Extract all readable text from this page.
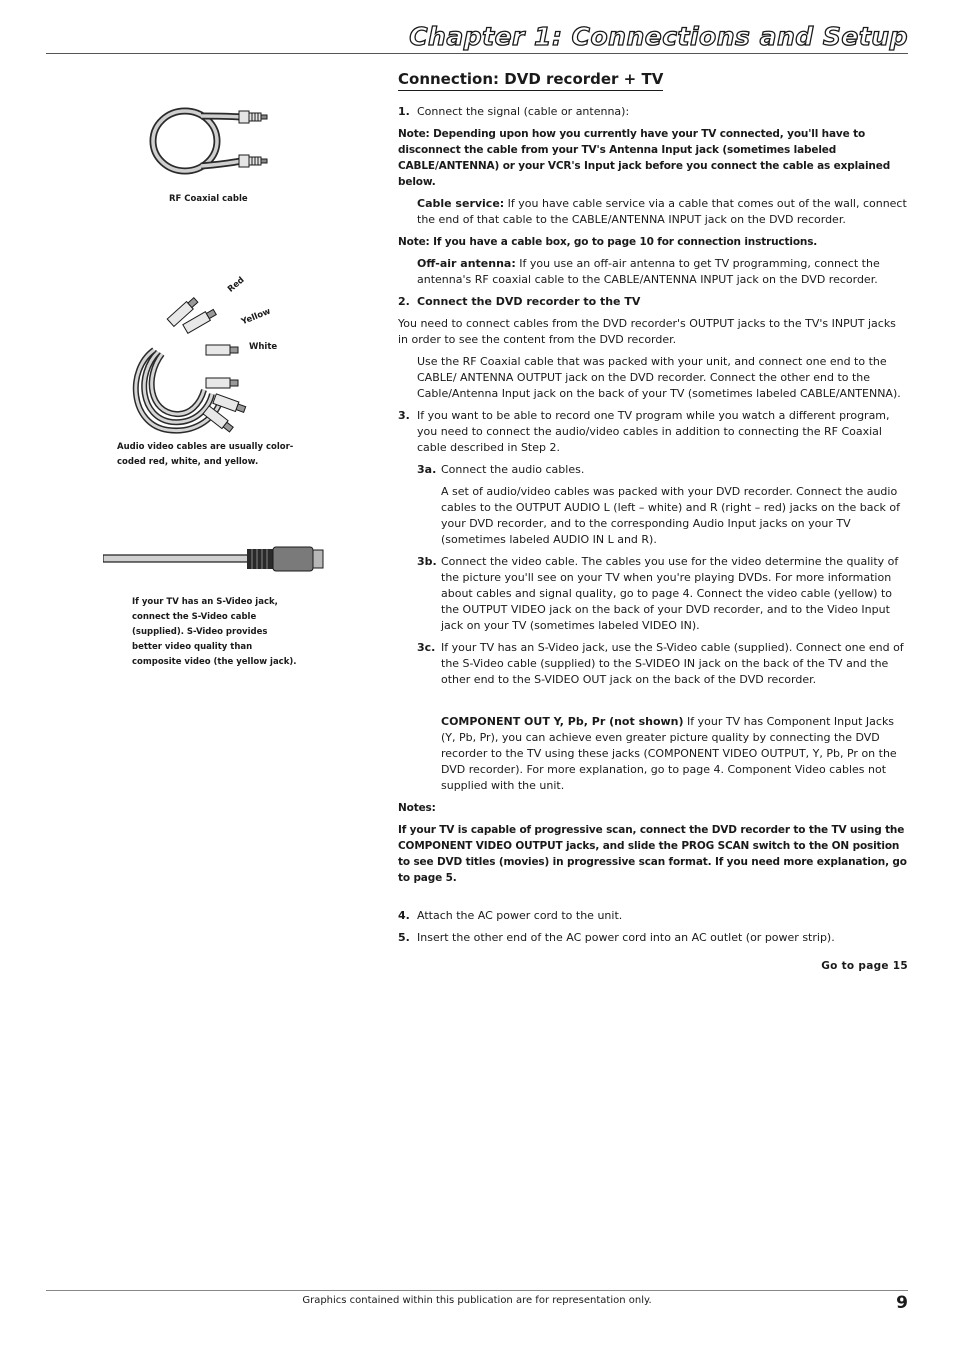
Chapter 1: Connections and Setup
RF Coaxial cable
Red
Yellow
White
Audio video cables are usually color-
coded red, white, and yellow.
If your TV has an S-Video jack,
connect the S-Video cable
(supplied). S-Video provides
better video quality than
composite video (the yellow jack).
Connection: DVD recorder + TV
1. Connect the signal (cable or antenna):
Note: Depending upon how you currently have your TV connected, you'll have to disconnect the cable from your TV's Antenna Input jack (sometimes labeled CABLE/ANTENNA) or your VCR's Input jack before you connect the cable as explained below.
Cable service: If you have cable service via a cable that comes out of the wall, connect the end of that cable to the CABLE/ANTENNA INPUT jack on the DVD recorder.
Note: If you have a cable box, go to page 10 for connection instructions.
Off-air antenna: If you use an off-air antenna to get TV programming, connect the antenna's RF coaxial cable to the CABLE/ANTENNA INPUT jack on the DVD recorder.
2. Connect the DVD recorder to the TV
You need to connect cables from the DVD recorder's OUTPUT jacks to the TV's INPUT jacks in order to see the content from the DVD recorder.
Use the RF Coaxial cable that was packed with your unit, and connect one end to the CABLE/ ANTENNA OUTPUT jack on the DVD recorder. Connect the other end to the Cable/Antenna Input jack on the back of your TV (sometimes labeled CABLE/ANTENNA).
3. If you want to be able to record one TV program while you watch a different program, you need to connect the audio/video cables in addition to connecting the RF Coaxial cable described in Step 2.
3a. Connect the audio cables.
A set of audio/video cables was packed with your DVD recorder. Connect the audio cables to the OUTPUT AUDIO L (left – white) and R (right – red) jacks on the back of your DVD recorder, and to the corresponding Audio Input jacks on your TV (sometimes labeled AUDIO IN L and R).
3b. Connect the video cable. The cables you use for the video determine the quality of the picture you'll see on your TV when you're playing DVDs. For more information about cables and signal quality, go to page 4. Connect the video cable (yellow) to the OUTPUT VIDEO jack on the back of your DVD recorder, and to the Video Input jack on your TV (sometimes labeled VIDEO IN).
3c. If your TV has an S-Video jack, use the S-Video cable (supplied). Connect one end of the S-Video cable (supplied) to the S-VIDEO IN jack on the back of the TV and the other end to the S-VIDEO OUT jack on the back of the DVD recorder.
COMPONENT OUT Y, Pb, Pr (not shown) If your TV has Component Input Jacks (Y, Pb, Pr), you can achieve even greater picture quality by connecting the DVD recorder to the TV using these jacks (COMPONENT VIDEO OUTPUT, Y, Pb, Pr on the DVD recorder). For more explanation, go to page 4. Component Video cables not supplied with the unit.
Notes:
If your TV is capable of progressive scan, connect the DVD recorder to the TV using the COMPONENT VIDEO OUTPUT jacks, and slide the PROG SCAN switch to the ON position to see DVD titles (movies) in progressive scan format. If you need more explanation, go to page 5.
4. Attach the AC power cord to the unit.
5. Insert the other end of the AC power cord into an AC outlet (or power strip).
Go to page 15
Graphics contained within this publication are for representation only.	9
